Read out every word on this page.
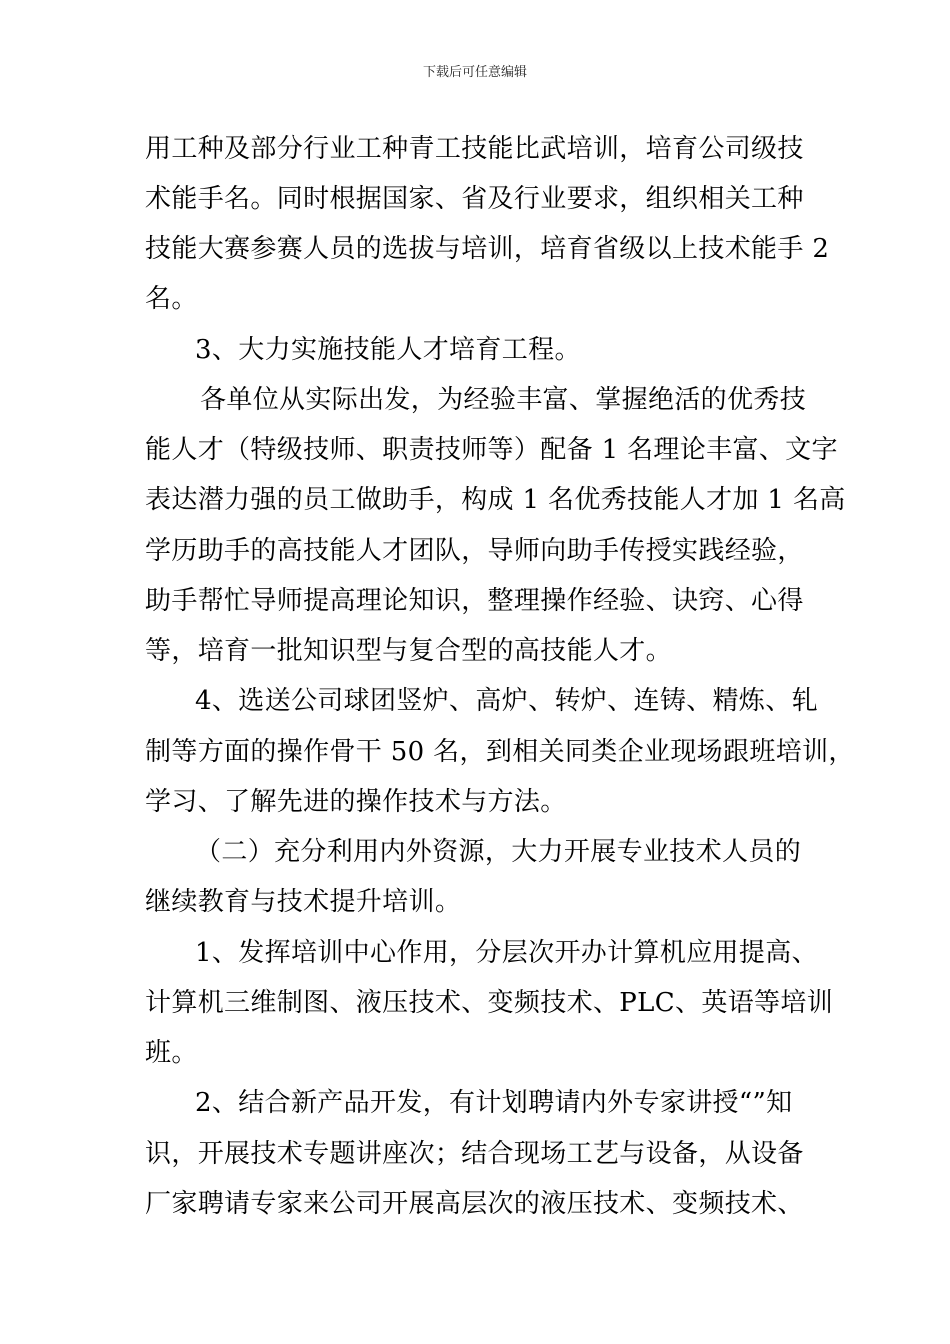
下载后可任意编辑
用工种及部分行业工种青工技能比武培训，培育公司级技
术能手名。同时根据国家、省及行业要求，组织相关工种
技能大赛参赛人员的选拔与培训，培育省级以上技术能手 2
名。
3、大力实施技能人才培育工程。
各单位从实际出发，为经验丰富、掌握绝活的优秀技
能人才（特级技师、职责技师等）配备 1 名理论丰富、文字
表达潜力强的员工做助手，构成 1 名优秀技能人才加 1 名高
学历助手的高技能人才团队，导师向助手传授实践经验，
助手帮忙导师提高理论知识，整理操作经验、诀窍、心得
等，培育一批知识型与复合型的高技能人才。
4、选送公司球团竖炉、高炉、转炉、连铸、精炼、轧
制等方面的操作骨干 50 名，到相关同类企业现场跟班培训，
学习、了解先进的操作技术与方法。
（二）充分利用内外资源，大力开展专业技术人员的
继续教育与技术提升培训。
1、发挥培训中心作用，分层次开办计算机应用提高、
计算机三维制图、液压技术、变频技术、PLC、英语等培训
班。
2、结合新产品开发，有计划聘请内外专家讲授“”知
识，开展技术专题讲座次；结合现场工艺与设备，从设备
厂家聘请专家来公司开展高层次的液压技术、变频技术、
